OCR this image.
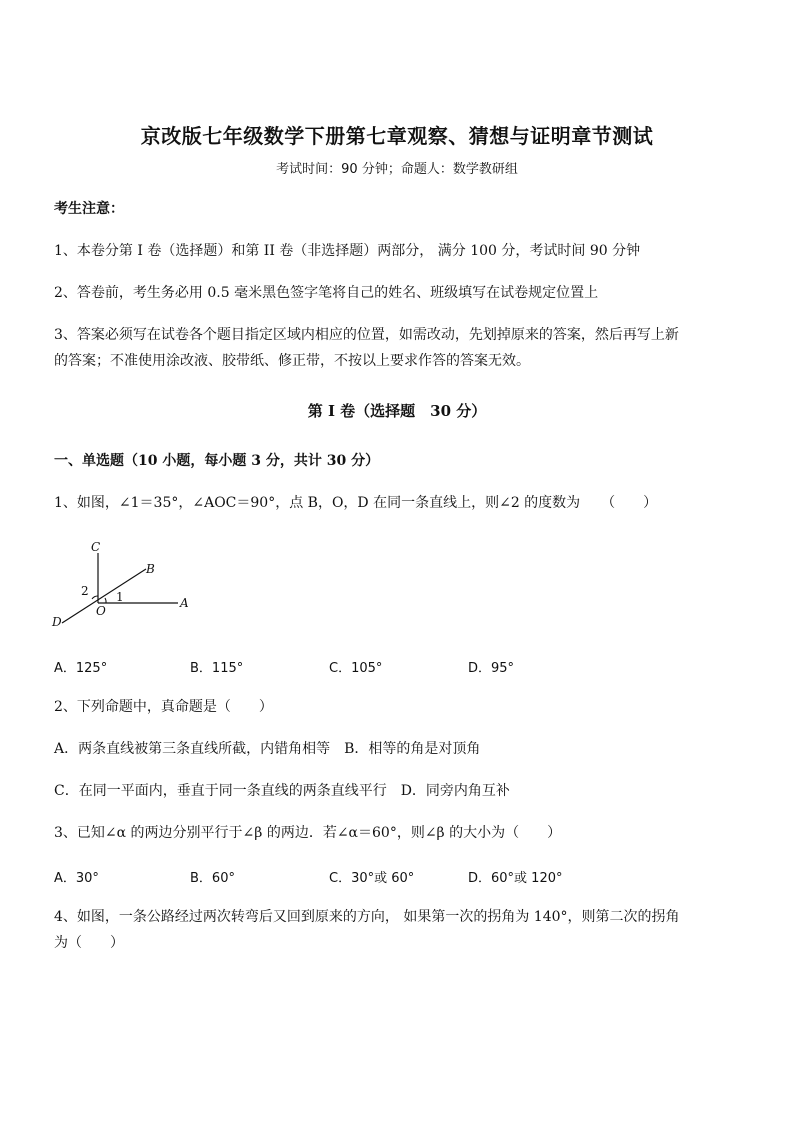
京改版七年级数学下册第七章观察、猜想与证明章节测试
考试时间：90 分钟；命题人：数学教研组
考生注意：
1、本卷分第 I 卷（选择题）和第 II 卷（非选择题）两部分， 满分 100 分，考试时间 90 分钟
2、答卷前，考生务必用 0.5 毫米黑色签字笔将自己的姓名、班级填写在试卷规定位置上
3、答案必须写在试卷各个题目指定区域内相应的位置，如需改动，先划掉原来的答案，然后再写上新
的答案；不准使用涂改液、胶带纸、修正带，不按以上要求作答的答案无效。
第 I 卷（选择题　30 分）
一、单选题（10 小题，每小题 3 分，共计 30 分）
1、如图，∠1＝35°，∠AOC＝90°，点 B，O，D 在同一条直线上，则∠2 的度数为　　（　　）
C
B
A
D
O
1
2
A．125°	B．115°	C．105°	D．95°
2、下列命题中，真命题是（　　）
A．两条直线被第三条直线所截，内错角相等　B．相等的角是对顶角
C．在同一平面内，垂直于同一条直线的两条直线平行　D．同旁内角互补
3、已知∠α 的两边分别平行于∠β 的两边．若∠α＝60°，则∠β 的大小为（　　）
A．30°	B．60°	C．30°或 60°	D．60°或 120°
4、如图，一条公路经过两次转弯后又回到原来的方向， 如果第一次的拐角为 140°，则第二次的拐角
为（　　）
